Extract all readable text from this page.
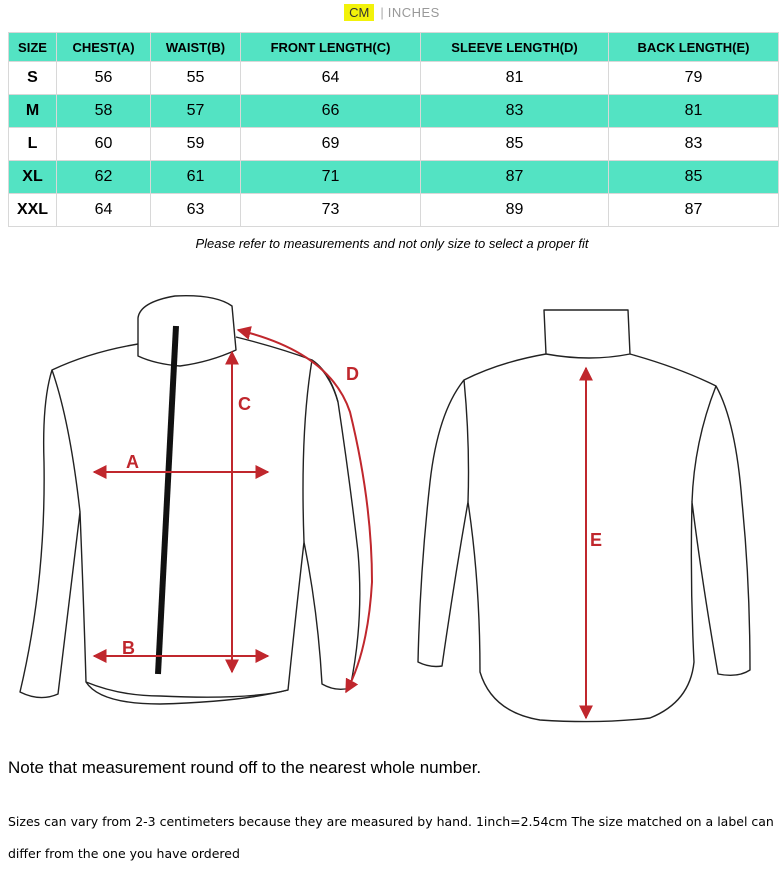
CM | INCHES
SIZE	CHEST(A)	WAIST(B)	FRONT LENGTH(C)	SLEEVE LENGTH(D)	BACK LENGTH(E)
S	56	55	64	81	79
M	58	57	66	83	81
L	60	59	69	85	83
XL	62	61	71	87	85
XXL	64	63	73	89	87
Please refer to measurements and not only size to select a proper fit
A
B
C
D
E
Note that measurement round off to the nearest whole number.
Sizes can vary from 2-3 centimeters because they are measured by hand. 1inch=2.54cm The size matched on a label can differ from the one you have ordered
